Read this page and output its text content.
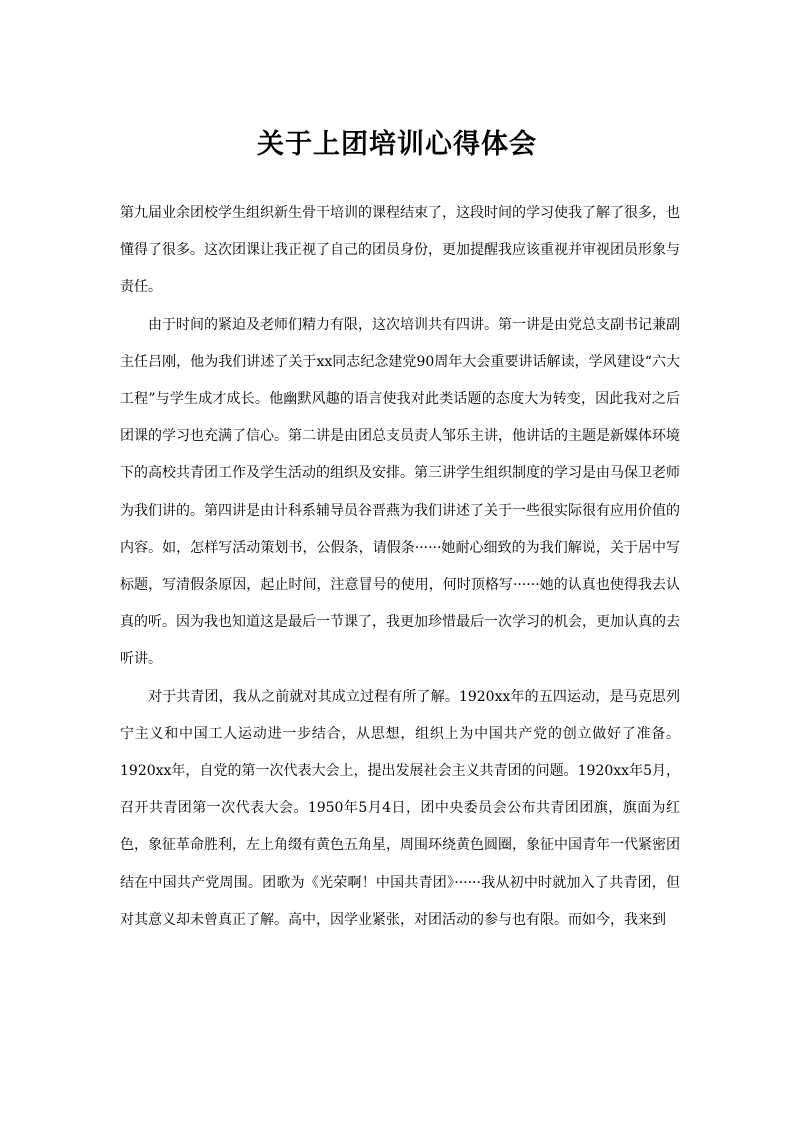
关于上团培训心得体会

第九届业余团校学生组织新生骨干培训的课程结束了，这段时间的学习使我了解了很多，也懂得了很多。这次团课让我正视了自己的团员身份，更加提醒我应该重视并审视团员形象与责任。

由于时间的紧迫及老师们精力有限，这次培训共有四讲。第一讲是由党总支副书记兼副主任吕刚，他为我们讲述了关于xx同志纪念建党90周年大会重要讲话解读，学风建设“六大工程”与学生成才成长。他幽默风趣的语言使我对此类话题的态度大为转变，因此我对之后团课的学习也充满了信心。第二讲是由团总支员责人邹乐主讲，他讲话的主题是新媒体环境下的高校共青团工作及学生活动的组织及安排。第三讲学生组织制度的学习是由马保卫老师为我们讲的。第四讲是由计科系辅导员谷晋燕为我们讲述了关于一些很实际很有应用价值的内容。如，怎样写活动策划书，公假条，请假条······她耐心细致的为我们解说，关于居中写标题，写清假条原因，起止时间，注意冒号的使用，何时顶格写······她的认真也使得我去认真的听。因为我也知道这是最后一节课了，我更加珍惜最后一次学习的机会，更加认真的去听讲。

对于共青团，我从之前就对其成立过程有所了解。1920xx年的五四运动，是马克思列宁主义和中国工人运动进一步结合，从思想，组织上为中国共产党的创立做好了准备。1920xx年，自党的第一次代表大会上，提出发展社会主义共青团的问题。1920xx年5月，召开共青团第一次代表大会。1950年5月4日，团中央委员会公布共青团团旗，旗面为红色，象征革命胜利，左上角缀有黄色五角星，周围环绕黄色圆圈，象征中国青年一代紧密团结在中国共产党周围。团歌为《光荣啊！中国共青团》······我从初中时就加入了共青团，但对其意义却未曾真正了解。高中，因学业紧张，对团活动的参与也有限。而如今，我来到
